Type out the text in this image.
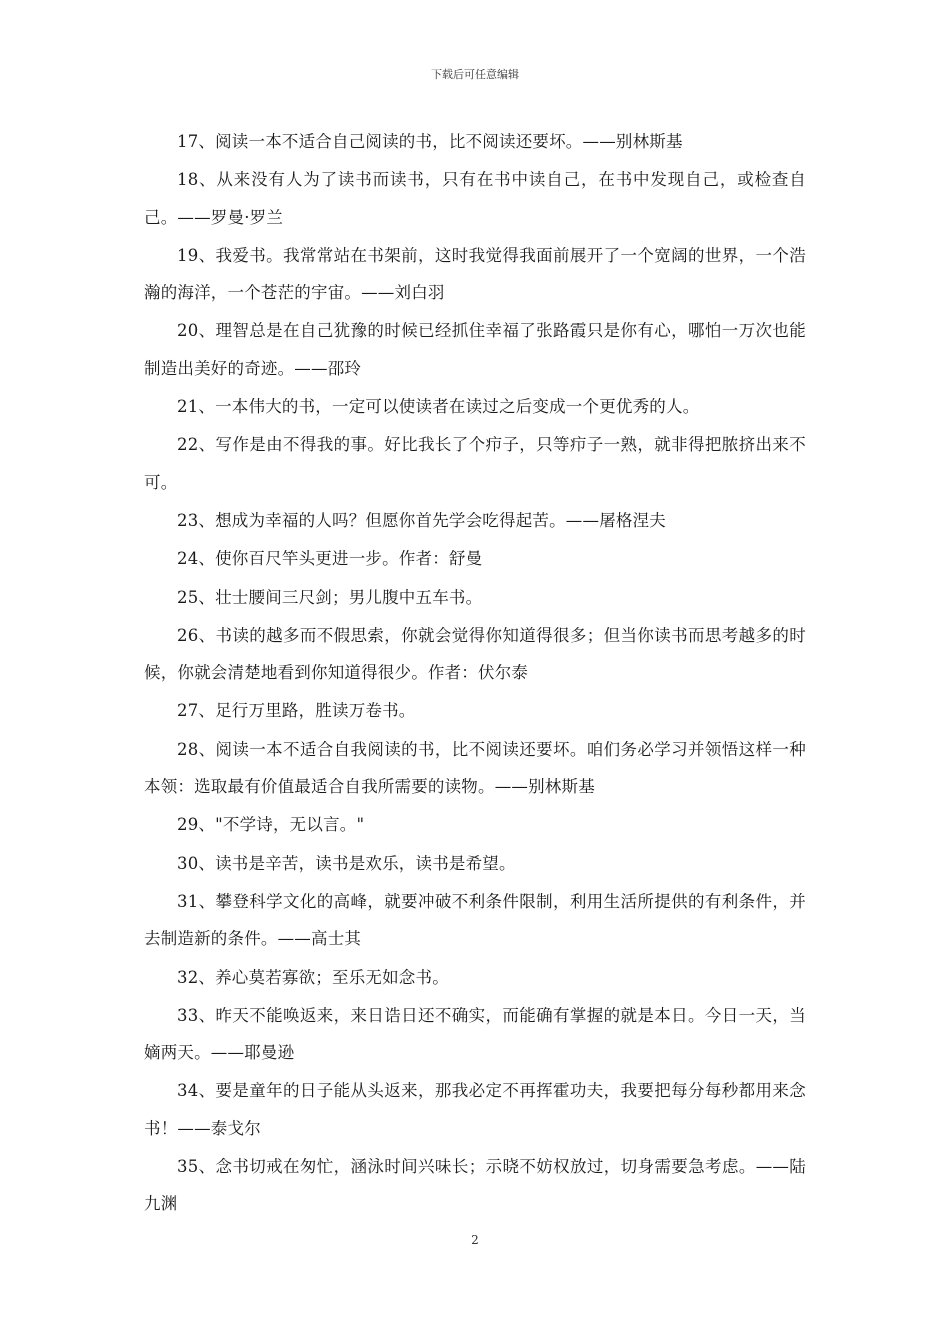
下载后可任意编辑

17、阅读一本不适合自己阅读的书，比不阅读还要坏。——别林斯基

18、从来没有人为了读书而读书，只有在书中读自己，在书中发现自己，或检查自己。——罗曼·罗兰

19、我爱书。我常常站在书架前，这时我觉得我面前展开了一个宽阔的世界，一个浩瀚的海洋，一个苍茫的宇宙。——刘白羽

20、理智总是在自己犹豫的时候已经抓住幸福了张路霞只是你有心，哪怕一万次也能制造出美好的奇迹。——邵玲

21、一本伟大的书，一定可以使读者在读过之后变成一个更优秀的人。

22、写作是由不得我的事。好比我长了个疖子，只等疖子一熟，就非得把脓挤出来不可。

23、想成为幸福的人吗？但愿你首先学会吃得起苦。——屠格涅夫

24、使你百尺竿头更进一步。作者：舒曼

25、壮士腰间三尺剑；男儿腹中五车书。

26、书读的越多而不假思索，你就会觉得你知道得很多；但当你读书而思考越多的时候，你就会清楚地看到你知道得很少。作者：伏尔泰

27、足行万里路，胜读万卷书。

28、阅读一本不适合自我阅读的书，比不阅读还要坏。咱们务必学习并领悟这样一种本领：选取最有价值最适合自我所需要的读物。——别林斯基

29、"不学诗，无以言。"

30、读书是辛苦，读书是欢乐，读书是希望。

31、攀登科学文化的高峰，就要冲破不利条件限制，利用生活所提供的有利条件，并去制造新的条件。——高士其

32、养心莫若寡欲；至乐无如念书。

33、昨天不能唤返来，来日诰日还不确实，而能确有掌握的就是本日。今日一天，当嫡两天。——耶曼逊

34、要是童年的日子能从头返来，那我必定不再挥霍功夫，我要把每分每秒都用来念书！——泰戈尔

35、念书切戒在匆忙，涵泳时间兴味长；示晓不妨权放过，切身需要急考虑。——陆九渊

2
